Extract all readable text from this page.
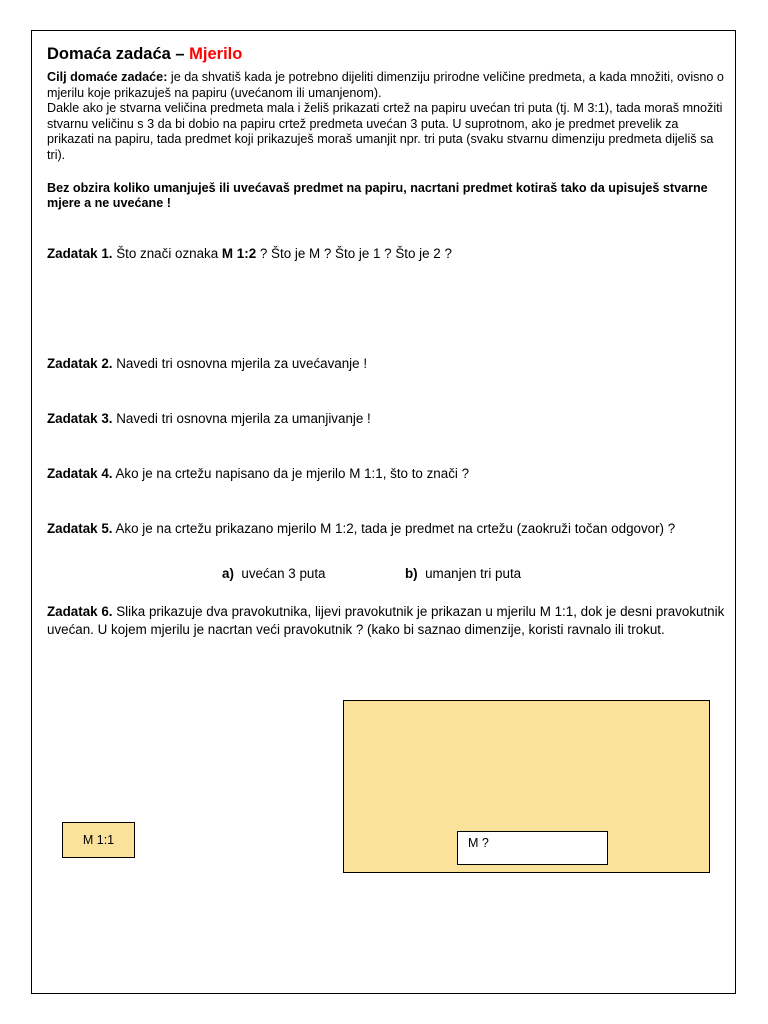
Domaća zadaća – Mjerilo

Cilj domaće zadaće: je da shvatiš kada je potrebno dijeliti dimenziju prirodne veličine predmeta, a kada množiti, ovisno o mjerilu koje prikazuješ na papiru (uvećanom ili umanjenom).

Dakle ako je stvarna veličina predmeta mala i želiš prikazati crtež na papiru uvećan tri puta (tj. M 3:1), tada moraš množiti stvarnu veličinu s 3 da bi dobio na papiru crtež predmeta uvećan 3 puta. U suprotnom, ako je predmet prevelik za prikazati na papiru, tada predmet koji prikazuješ moraš umanjit npr. tri puta (svaku stvarnu dimenziju predmeta dijeliš sa tri).

Bez obzira koliko umanjuješ ili uvećavaš predmet na papiru, nacrtani predmet kotiraš tako da upisuješ stvarne mjere a ne uvećane !

Zadatak 1. Što znači oznaka M 1:2 ? Što je M ? Što je 1 ? Što je 2 ?

Zadatak 2. Navedi tri osnovna mjerila za uvećavanje !

Zadatak 3. Navedi tri osnovna mjerila za umanjivanje !

Zadatak 4. Ako je na crtežu napisano da je mjerilo M 1:1, što to znači ?

Zadatak 5. Ako je na crtežu prikazano mjerilo M 1:2, tada je predmet na crtežu (zaokruži točan odgovor) ?

a) uvećan 3 puta	b) umanjen tri puta

Zadatak 6. Slika prikazuje dva pravokutnika, lijevi pravokutnik je prikazan u mjerilu M 1:1, dok je desni pravokutnik uvećan. U kojem mjerilu je nacrtan veći pravokutnik ? (kako bi saznao dimenzije, koristi ravnalo ili trokut.

M 1:1	M ?
